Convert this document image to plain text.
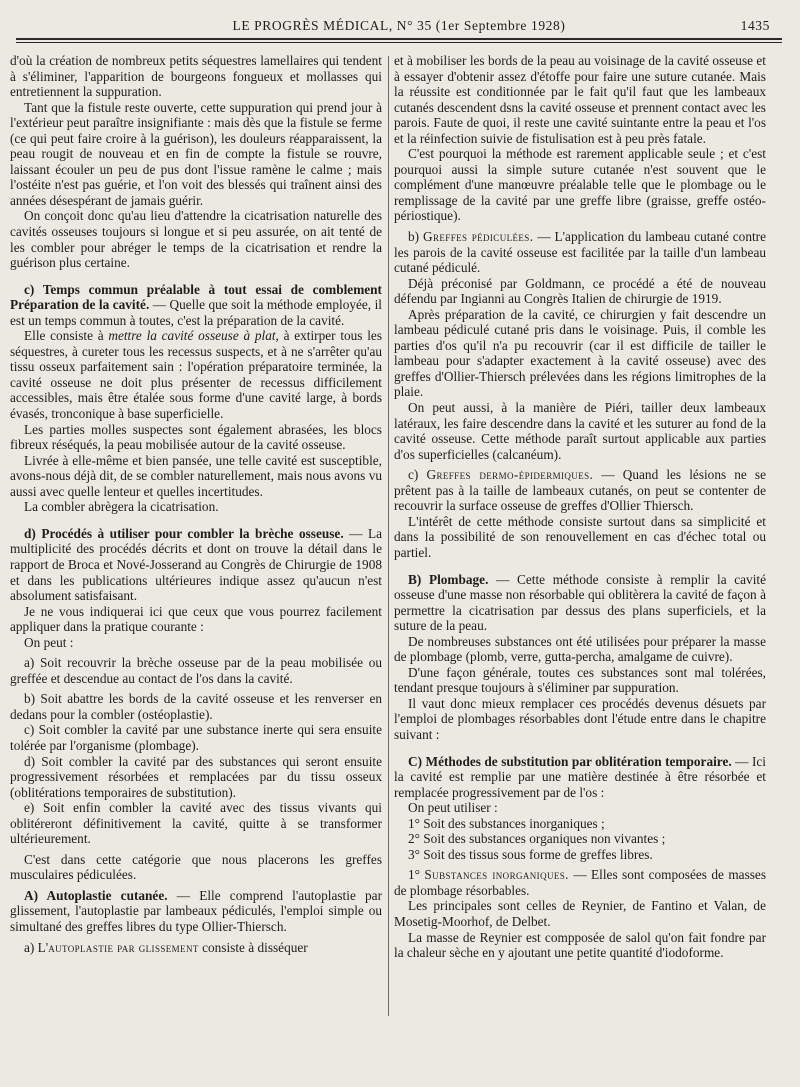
LE PROGRÈS MÉDICAL, N° 35 (1er Septembre 1928)	1435

d'où la création de nombreux petits séquestres lamellaires qui tendent à s'éliminer, l'apparition de bourgeons fongueux et mollasses qui entretiennent la suppuration.

Tant que la fistule reste ouverte, cette suppuration qui prend jour à l'extérieur peut paraître insignifiante : mais dès que la fistule se ferme (ce qui peut faire croire à la guérison), les douleurs réapparaissent, la peau rougit de nouveau et en fin de compte la fistule se rouvre, laissant écouler un peu de pus dont l'issue ramène le calme ; mais l'ostéite n'est pas guérie, et l'on voit des blessés qui traînent ainsi des années désespérant de jamais guérir.

On conçoit donc qu'au lieu d'attendre la cicatrisation naturelle des cavités osseuses toujours si longue et si peu assurée, on ait tenté de les combler pour abréger le temps de la cicatrisation et rendre la guérison plus certaine.

c) Temps commun préalable à tout essai de comblement Préparation de la cavité. — Quelle que soit la méthode employée, il est un temps commun à toutes, c'est la préparation de la cavité.

Elle consiste à mettre la cavité osseuse à plat, à extirper tous les séquestres, à cureter tous les recessus suspects, et à ne s'arrêter qu'au tissu osseux parfaitement sain : l'opération préparatoire terminée, la cavité osseuse ne doit plus présenter de recessus difficilement accessibles, mais être étalée sous forme d'une cavité large, à bords évasés, tronconique à base superficielle.

Les parties molles suspectes sont également abrasées, les blocs fibreux réséqués, la peau mobilisée autour de la cavité osseuse.

Livrée à elle-même et bien pansée, une telle cavité est susceptible, avons-nous déjà dit, de se combler naturellement, mais nous avons vu aussi avec quelle lenteur et quelles incertitudes.

La combler abrègera la cicatrisation.

d) Procédés à utiliser pour combler la brèche osseuse. — La multiplicité des procédés décrits et dont on trouve la détail dans le rapport de Broca et Nové-Josserand au Congrès de Chirurgie de 1908 et dans les publications ultérieures indique assez qu'aucun n'est absolument satisfaisant.

Je ne vous indiquerai ici que ceux que vous pourrez facilement appliquer dans la pratique courante :

On peut :

a) Soit recouvrir la brèche osseuse par de la peau mobilisée ou greffée et descendue au contact de l'os dans la cavité.

b) Soit abattre les bords de la cavité osseuse et les renverser en dedans pour la combler (ostéoplastie).

c) Soit combler la cavité par une substance inerte qui sera ensuite tolérée par l'organisme (plombage).

d) Soit combler la cavité par des substances qui seront ensuite progressivement résorbées et remplacées par du tissu osseux (oblitérations temporaires de substitution).

e) Soit enfin combler la cavité avec des tissus vivants qui oblitéreront définitivement la cavité, quitte à se transformer ultérieurement.

C'est dans cette catégorie que nous placerons les greffes musculaires pédiculées.

A) Autoplastie cutanée. — Elle comprend l'autoplastie par glissement, l'autoplastie par lambeaux pédiculés, l'emploi simple ou simultané des greffes libres du type Ollier-Thiersch.

a) L'autoplastie par glissement consiste à disséquer

et à mobiliser les bords de la peau au voisinage de la cavité osseuse et à essayer d'obtenir assez d'étoffe pour faire une suture cutanée. Mais la réussite est conditionnée par le fait qu'il faut que les lambeaux cutanés descendent dsns la cavité osseuse et prennent contact avec les parois. Faute de quoi, il reste une cavité suintante entre la peau et l'os et la réinfection suivie de fistulisation est à peu près fatale.

C'est pourquoi la méthode est rarement applicable seule ; et c'est pourquoi aussi la simple suture cutanée n'est souvent que le complément d'une manœuvre préalable telle que le plombage ou le remplissage de la cavité par une greffe libre (graisse, greffe ostéo-périostique).

b) Greffes pédiculées. — L'application du lambeau cutané contre les parois de la cavité osseuse est facilitée par la taille d'un lambeau cutané pédiculé.

Déjà préconisé par Goldmann, ce procédé a été de nouveau défendu par Ingianni au Congrès Italien de chirurgie de 1919.

Après préparation de la cavité, ce chirurgien y fait descendre un lambeau pédiculé cutané pris dans le voisinage. Puis, il comble les parties d'os qu'il n'a pu recouvrir (car il est difficile de tailler le lambeau pour s'adapter exactement à la cavité osseuse) avec des greffes d'Ollier-Thiersch prélevées dans les régions limitrophes de la plaie.

On peut aussi, à la manière de Piéri, tailler deux lambeaux latéraux, les faire descendre dans la cavité et les suturer au fond de la cavité osseuse. Cette méthode paraît surtout applicable aux parties d'os superficielles (calcanéum).

c) Greffes dermo-épidermiques. — Quand les lésions ne se prêtent pas à la taille de lambeaux cutanés, on peut se contenter de recouvrir la surface osseuse de greffes d'Ollier Thiersch.

L'intérêt de cette méthode consiste surtout dans sa simplicité et dans la possibilité de son renouvellement en cas d'échec total ou partiel.

B) Plombage. — Cette méthode consiste à remplir la cavité osseuse d'une masse non résorbable qui oblitèrera la cavité de façon à permettre la cicatrisation par dessus des plans superficiels, et la suture de la peau.

De nombreuses substances ont été utilisées pour préparer la masse de plombage (plomb, verre, gutta-percha, amalgame de cuivre).

D'une façon générale, toutes ces substances sont mal tolérées, tendant presque toujours à s'éliminer par suppuration.

Il vaut donc mieux remplacer ces procédés devenus désuets par l'emploi de plombages résorbables dont l'étude entre dans le chapitre suivant :

C) Méthodes de substitution par oblitération temporaire. — Ici la cavité est remplie par une matière destinée à être résorbée et remplacée progressivement par de l'os :

On peut utiliser :

1° Soit des substances inorganiques ;

2° Soit des substances organiques non vivantes ;

3° Soit des tissus sous forme de greffes libres.

1° Substances inorganiques. — Elles sont composées de masses de plombage résorbables.

Les principales sont celles de Reynier, de Fantino et Valan, de Mosetig-Moorhof, de Delbet.

La masse de Reynier est compposée de salol qu'on fait fondre par la chaleur sèche en y ajoutant une petite quantité d'iodoforme.
